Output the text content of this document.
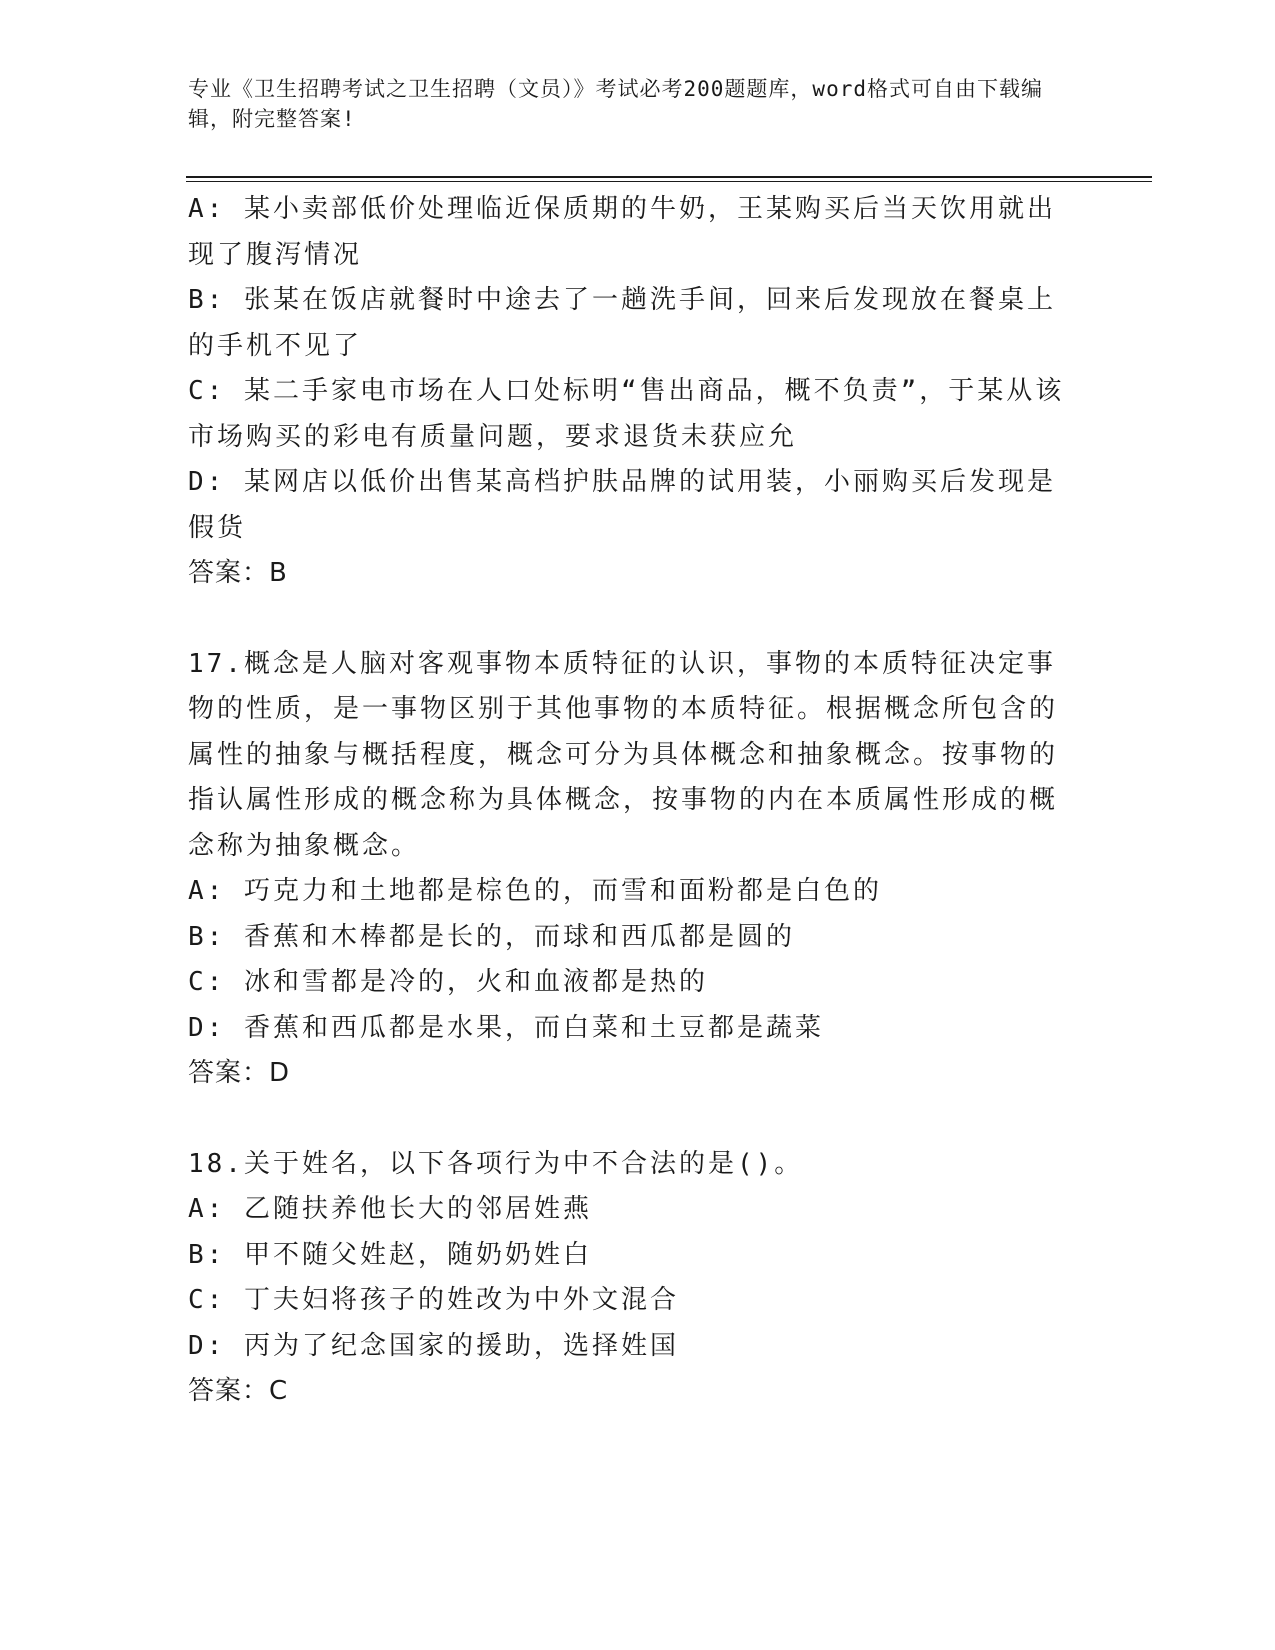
专业《卫生招聘考试之卫生招聘（文员）》考试必考200题题库，word格式可自由下载编辑，附完整答案!

A: 某小卖部低价处理临近保质期的牛奶，王某购买后当天饮用就出现了腹泻情况

B: 张某在饭店就餐时中途去了一趟洗手间，回来后发现放在餐桌上的手机不见了

C: 某二手家电市场在人口处标明“售出商品，概不负责”，于某从该市场购买的彩电有质量问题，要求退货未获应允

D: 某网店以低价出售某高档护肤品牌的试用装，小丽购买后发现是假货

答案：B

17.概念是人脑对客观事物本质特征的认识，事物的本质特征决定事物的性质，是一事物区别于其他事物的本质特征。根据概念所包含的属性的抽象与概括程度，概念可分为具体概念和抽象概念。按事物的指认属性形成的概念称为具体概念，按事物的内在本质属性形成的概念称为抽象概念。

A: 巧克力和土地都是棕色的，而雪和面粉都是白色的

B: 香蕉和木棒都是长的，而球和西瓜都是圆的

C: 冰和雪都是冷的，火和血液都是热的

D: 香蕉和西瓜都是水果，而白菜和土豆都是蔬菜

答案：D

18.关于姓名，以下各项行为中不合法的是()。

A: 乙随扶养他长大的邻居姓燕

B: 甲不随父姓赵，随奶奶姓白

C: 丁夫妇将孩子的姓改为中外文混合

D: 丙为了纪念国家的援助，选择姓国

答案：C
